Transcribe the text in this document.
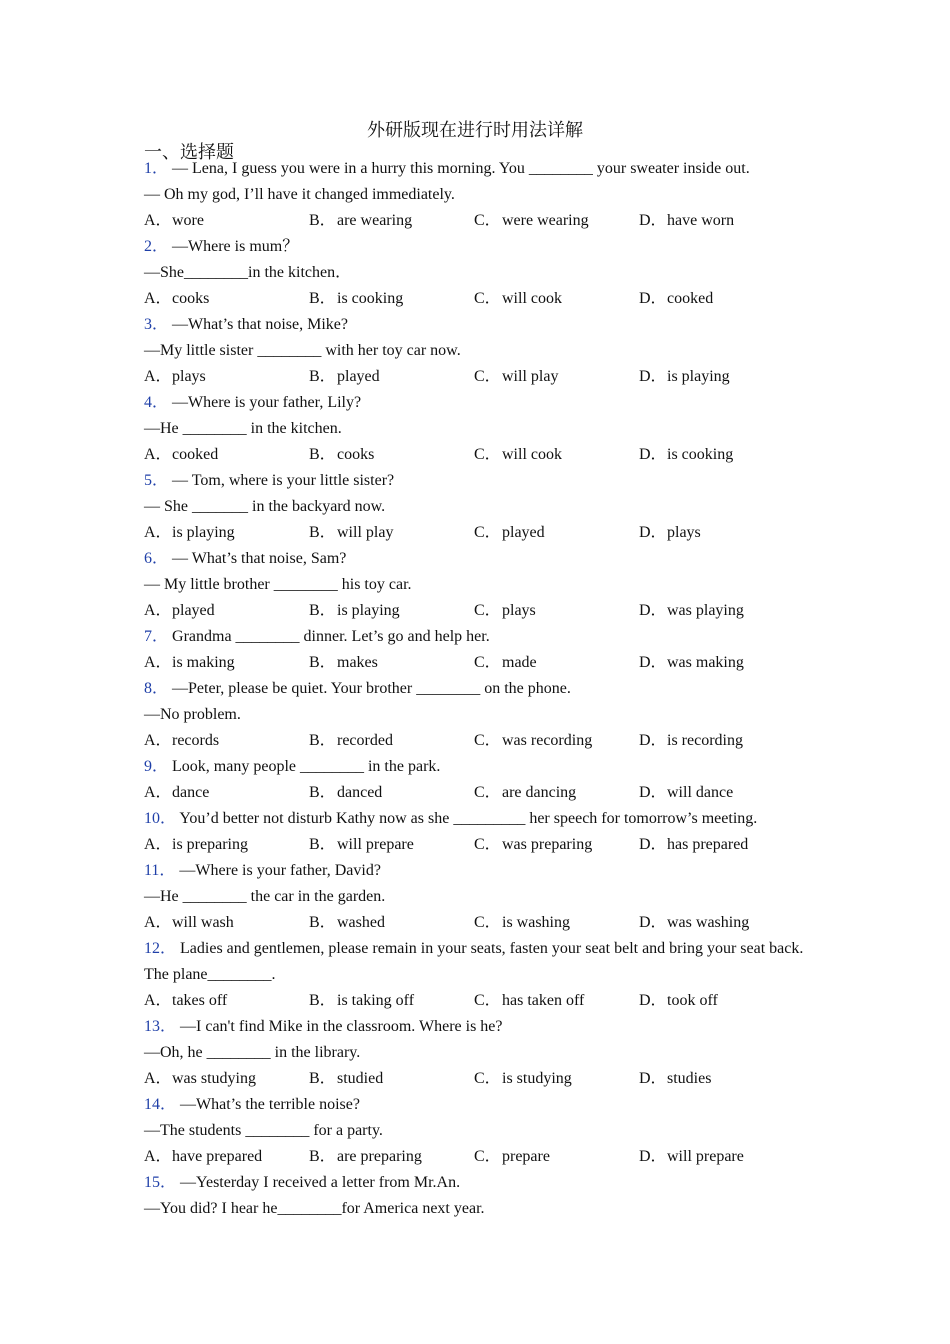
外研版现在进行时用法详解
一、选择题
1 ． — Lena, I guess you were in a hurry this morning. You ________ your sweater inside out.
— Oh my god, I’ll have it changed immediately.
A．wore	B．are wearing	C．were wearing	D．have worn
2 ． —Where is mum？
—She________in the kitchen．
A．cooks	B．is cooking	C．will cook	D．cooked
3 ． —What’s that noise, Mike?
—My little sister ________ with her toy car now.
A．plays	B．played	C．will play	D．is playing
4 ． —Where is your father, Lily?
—He ________ in the kitchen.
A．cooked	B．cooks	C．will cook	D．is cooking
5 ． — Tom, where is your little sister?
— She _______ in the backyard now.
A．is playing	B．will play	C．played	D．plays
6 ． — What’s that noise, Sam?
— My little brother ________ his toy car.
A．played	B．is playing	C．plays	D．was playing
7 ． Grandma ________ dinner. Let’s go and help her.
A．is making	B．makes	C．made	D．was making
8 ． —Peter, please be quiet. Your brother ________ on the phone.
—No problem.
A．records	B．recorded	C．was recording	D．is recording
9 ． Look, many people ________ in the park.
A．dance	B．danced	C．are dancing	D．will dance
10 ． You’d better not disturb Kathy now as she _________ her speech for tomorrow’s meeting.
A．is preparing	B．will prepare	C．was preparing	D．has prepared
11 ． —Where is your father, David?
—He ________ the car in the garden.
A．will wash	B．washed	C．is washing	D．was washing
12 ． Ladies and gentlemen, please remain in your seats, fasten your seat belt and bring your seat back. The plane________.
A．takes off	B．is taking off	C．has taken off	D．took off
13 ． —I can't find Mike in the classroom. Where is he?
—Oh, he ________ in the library.
A．was studying	B．studied	C．is studying	D．studies
14 ． —What’s the terrible noise?
—The students ________ for a party.
A．have prepared	B．are preparing	C．prepare	D．will prepare
15 ． —Yesterday I received a letter from Mr.An.
—You did? I hear he________for America next year.
